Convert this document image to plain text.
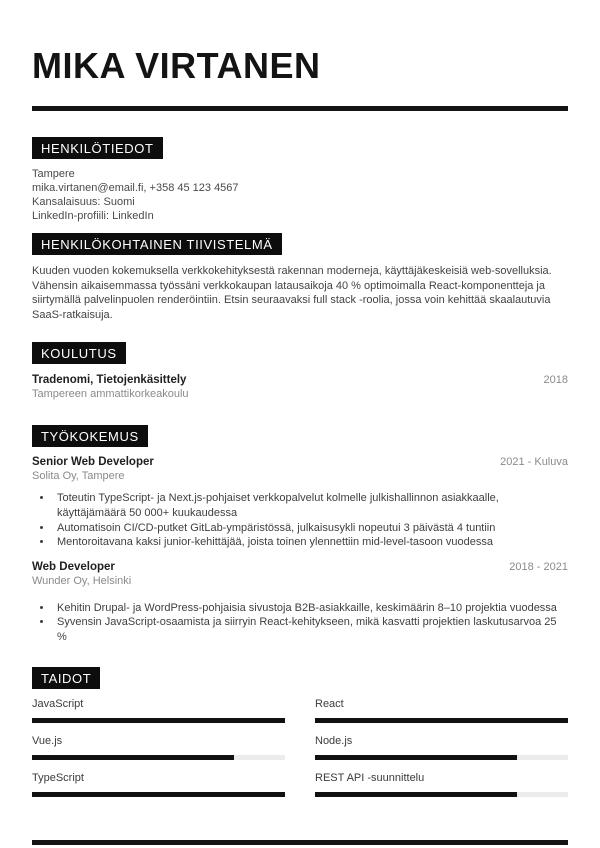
MIKA VIRTANEN
HENKILÖTIEDOT
Tampere
mika.virtanen@email.fi, +358 45 123 4567
Kansalaisuus: Suomi
LinkedIn-profiili: LinkedIn
HENKILÖKOHTAINEN TIIVISTELMÄ

Kuuden vuoden kokemuksella verkkokehityksestä rakennan moderneja, käyttäjäkeskeisiä web-sovelluksia. Vähensin aikaisemmassa työssäni verkkokaupan latausaikoja 40 % optimoimalla React-komponentteja ja siirtymällä palvelinpuolen renderöintiin. Etsin seuraavaksi full stack -roolia, jossa voin kehittää skaalautuvia SaaS-ratkaisuja.

KOULUTUS
Tradenomi, Tietojenkäsittely	2018
Tampereen ammattikorkeakoulu
TYÖKOKEMUS
Senior Web Developer	2021 - Kuluva
Solita Oy, Tampere
• Toteutin TypeScript- ja Next.js-pohjaiset verkkopalvelut kolmelle julkishallinnon asiakkaalle, käyttäjämäärä 50 000+ kuukaudessa
• Automatisoin CI/CD-putket GitLab-ympäristössä, julkaisusykli nopeutui 3 päivästä 4 tuntiin
• Mentoroitavana kaksi junior-kehittäjää, joista toinen ylennettiin mid-level-tasoon vuodessa
Web Developer	2018 - 2021
Wunder Oy, Helsinki
• Kehitin Drupal- ja WordPress-pohjaisia sivustoja B2B-asiakkaille, keskimäärin 8–10 projektia vuodessa
• Syvensin JavaScript-osaamista ja siirryin React-kehitykseen, mikä kasvatti projektien laskutusarvoa 25 %
TAIDOT
JavaScript	React
Vue.js	Node.js
TypeScript	REST API -suunnittelu
